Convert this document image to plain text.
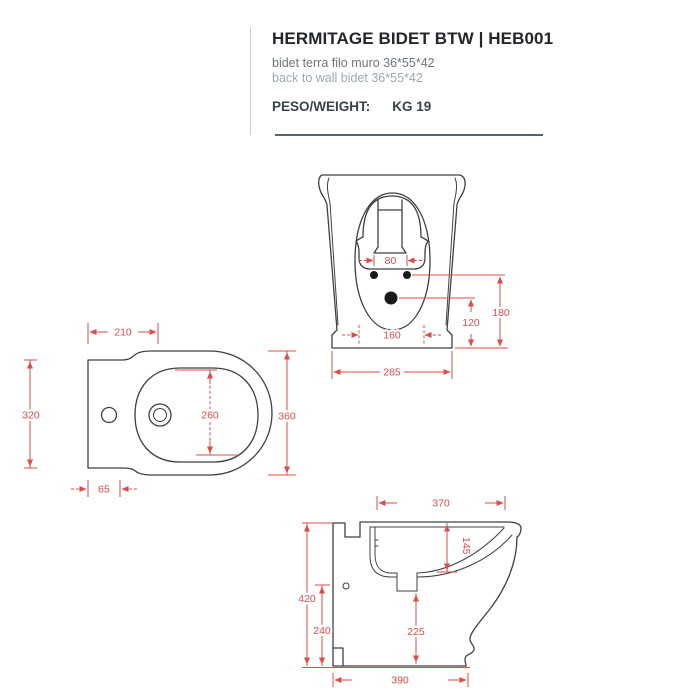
HERMITAGE BIDET BTW | HEB001
bidet terra filo muro 36*55*42
back to wall bidet 36*55*42
PESO/WEIGHT: KG 19
80
160
285
180
120
210
320	360
260
65
370
145
420
240	225
390
